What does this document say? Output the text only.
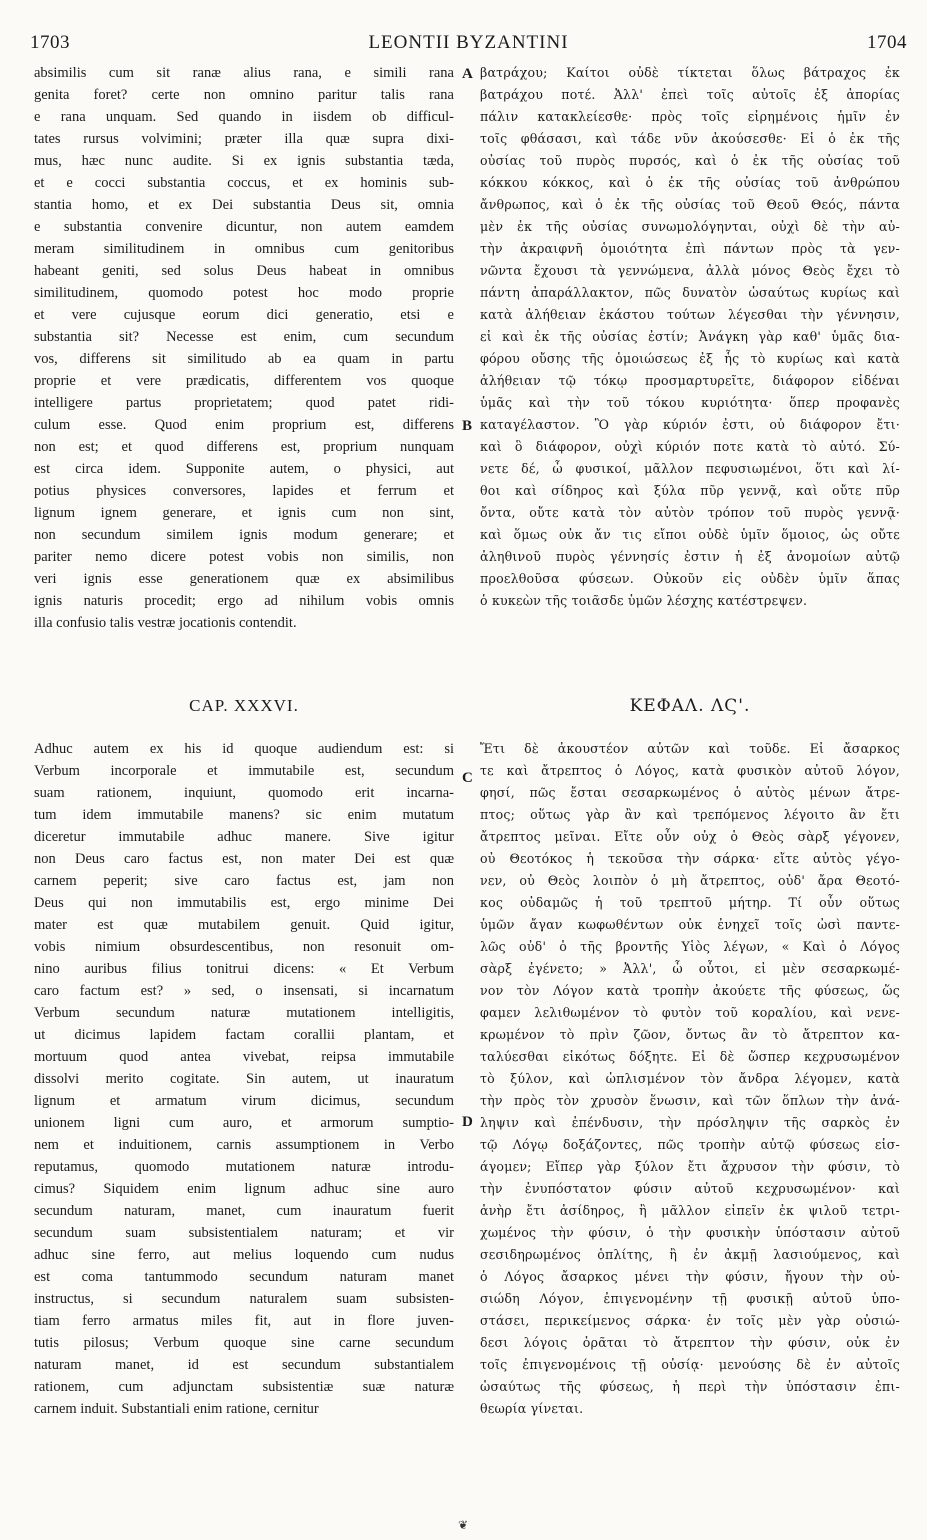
1703	LEONTII BYZANTINI	1704
absimilis cum sit ranæ alius rana, e simili rana
genita foret? certe non omnino paritur talis rana
e rana unquam. Sed quando in iisdem ob difficul-
tates rursus volvimini; præter illa quæ supra dixi-
mus, hæc nunc audite. Si ex ignis substantia tæda,
et e cocci substantia coccus, et ex hominis sub-
stantia homo, et ex Dei substantia Deus sit, omnia
e substantia convenire dicuntur, non autem eamdem
meram similitudinem in omnibus cum genitoribus
habeant geniti, sed solus Deus habeat in omnibus
similitudinem, quomodo potest hoc modo proprie
et vere cujusque eorum dici generatio, etsi e
substantia sit? Necesse est enim, cum secundum
vos, differens sit similitudo ab ea quam in partu
proprie et vere prædicatis, differentem vos quoque
intelligere partus proprietatem; quod patet ridi-
culum esse. Quod enim proprium est, differens
non est; et quod differens est, proprium nunquam
est circa idem. Supponite autem, o physici, aut
potius physices conversores, lapides et ferrum et
lignum ignem generare, et ignis cum non sint,
non secundum similem ignis modum generare; et
pariter nemo dicere potest vobis non similis, non
veri ignis esse generationem quæ ex absimilibus
ignis naturis procedit; ergo ad nihilum vobis omnis
illa confusio talis vestræ jocationis contendit.
βατράχου; Καίτοι οὐδὲ τίκτεται ὅλως βάτραχος ἐκ
βατράχου ποτέ. Ἀλλ' ἐπεὶ τοῖς αὐτοῖς ἐξ ἀπορίας
πάλιν κατακλείεσθε· πρὸς τοῖς εἰρημένοις ἡμῖν ἐν
τοῖς φθάσασι, καὶ τάδε νῦν ἀκούσεσθε· Εἰ ὁ ἐκ τῆς
οὐσίας τοῦ πυρὸς πυρσός, καὶ ὁ ἐκ τῆς οὐσίας τοῦ
κόκκου κόκκος, καὶ ὁ ἐκ τῆς οὐσίας τοῦ ἀνθρώπου
ἄνθρωπος, καὶ ὁ ἐκ τῆς οὐσίας τοῦ Θεοῦ Θεός, πάντα
μὲν ἐκ τῆς οὐσίας συνωμολόγηνται, οὐχὶ δὲ τὴν αὐ-
τὴν ἀκραιφνῆ ὁμοιότητα ἐπὶ πάντων πρὸς τὰ γεν-
νῶντα ἔχουσι τὰ γεννώμενα, ἀλλὰ μόνος Θεὸς ἔχει τὸ
πάντη ἀπαράλλακτον, πῶς δυνατὸν ὡσαύτως κυρίως καὶ
κατὰ ἀλήθειαν ἑκάστου τούτων λέγεσθαι τὴν γέννησιν,
εἰ καὶ ἐκ τῆς οὐσίας ἐστίν; Ἀνάγκη γὰρ καθ' ὑμᾶς δια-
φόρου οὔσης τῆς ὁμοιώσεως ἐξ ἧς τὸ κυρίως καὶ κατὰ
ἀλήθειαν τῷ τόκῳ προσμαρτυρεῖτε, διάφορον εἰδέναι
ὑμᾶς καὶ τὴν τοῦ τόκου κυριότητα· ὅπερ προφανὲς
καταγέλαστον. Ὃ γὰρ κύριόν ἐστι, οὐ διάφορον ἔτι·
καὶ ὃ διάφορον, οὐχὶ κύριόν ποτε κατὰ τὸ αὐτό. Σύ-
νετε δέ, ὦ φυσικοί, μᾶλλον πεφυσιωμένοι, ὅτι καὶ λί-
θοι καὶ σίδηρος καὶ ξύλα πῦρ γεννᾷ, καὶ οὔτε πῦρ
ὄντα, οὔτε κατὰ τὸν αὐτὸν τρόπον τοῦ πυρὸς γεννᾷ·
καὶ ὅμως οὐκ ἄν τις εἴποι οὐδὲ ὑμῖν ὅμοιος, ὡς οὔτε
ἀληθινοῦ πυρὸς γέννησίς ἐστιν ἡ ἐξ ἀνομοίων αὐτῷ
προελθοῦσα φύσεων. Οὐκοῦν εἰς οὐδὲν ὑμῖν ἅπας
ὁ κυκεὼν τῆς τοιᾶσδε ὑμῶν λέσχης κατέστρεψεν.
CAP. XXXVI.	ΚΕΦΑΛ. ΛϚ'.
Adhuc autem ex his id quoque audiendum est: si
Verbum incorporale et immutabile est, secundum
suam rationem, inquiunt, quomodo erit incarna-
tum idem immutabile manens? sic enim mutatum
diceretur immutabile adhuc manere. Sive igitur
non Deus caro factus est, non mater Dei est quæ
carnem peperit; sive caro factus est, jam non
Deus qui non immutabilis est, ergo minime Dei
mater est quæ mutabilem genuit. Quid igitur,
vobis nimium obsurdescentibus, non resonuit om-
nino auribus filius tonitrui dicens: « Et Verbum
caro factum est? » sed, o insensati, si incarnatum
Verbum secundum naturæ mutationem intelligitis,
ut dicimus lapidem factam corallii plantam, et
mortuum quod antea vivebat, reipsa immutabile
dissolvi merito cogitate. Sin autem, ut inauratum
lignum et armatum virum dicimus, secundum
unionem ligni cum auro, et armorum sumptio-
nem et induitionem, carnis assumptionem in Verbo
reputamus, quomodo mutationem naturæ introdu-
cimus? Siquidem enim lignum adhuc sine auro
secundum naturam, manet, cum inauratum fuerit
secundum suam subsistentialem naturam; et vir
adhuc sine ferro, aut melius loquendo cum nudus
est coma tantummodo secundum naturam manet
instructus, si secundum naturalem suam subsisten-
tiam ferro armatus miles fit, aut in flore juven-
tutis pilosus; Verbum quoque sine carne secundum
naturam manet, id est secundum substantialem
rationem, cum adjunctam subsistentiæ suæ naturæ
carnem induit. Substantiali enim ratione, cernitur
Ἔτι δὲ ἀκουστέον αὐτῶν καὶ τοῦδε. Εἰ ἄσαρκος
τε καὶ ἄτρεπτος ὁ Λόγος, κατὰ φυσικὸν αὐτοῦ λόγον,
φησί, πῶς ἔσται σεσαρκωμένος ὁ αὐτὸς μένων ἄτρε-
πτος; οὕτως γὰρ ἂν καὶ τρεπόμενος λέγοιτο ἂν ἔτι
ἄτρεπτος μεῖναι. Εἴτε οὖν οὐχ ὁ Θεὸς σὰρξ γέγονεν,
οὐ Θεοτόκος ἡ τεκοῦσα τὴν σάρκα· εἴτε αὐτὸς γέγο-
νεν, οὐ Θεὸς λοιπὸν ὁ μὴ ἄτρεπτος, οὐδ' ἄρα Θεοτό-
κος οὐδαμῶς ἡ τοῦ τρεπτοῦ μήτηρ. Τί οὖν οὕτως
ὑμῶν ἄγαν κωφωθέντων οὐκ ἐνηχεῖ τοῖς ὠσὶ παντε-
λῶς οὐδ' ὁ τῆς βροντῆς Υἱὸς λέγων, « Καὶ ὁ Λόγος
σὰρξ ἐγένετο; » Ἀλλ', ὦ οὗτοι, εἰ μὲν σεσαρκωμέ-
νον τὸν Λόγον κατὰ τροπὴν ἀκούετε τῆς φύσεως, ὥς
φαμεν λελιθωμένον τὸ φυτὸν τοῦ κοραλίου, καὶ νενε-
κρωμένον τὸ πρὶν ζῶον, ὄντως ἂν τὸ ἄτρεπτον κα-
ταλύεσθαι εἰκότως δόξητε. Εἰ δὲ ὥσπερ κεχρυσωμένον
τὸ ξύλον, καὶ ὡπλισμένον τὸν ἄνδρα λέγομεν, κατὰ
τὴν πρὸς τὸν χρυσὸν ἕνωσιν, καὶ τῶν ὅπλων τὴν ἀνά-
ληψιν καὶ ἐπένδυσιν, τὴν πρόσληψιν τῆς σαρκὸς ἐν
τῷ Λόγῳ δοξάζοντες, πῶς τροπὴν αὐτῷ φύσεως εἰσ-
άγομεν; Εἴπερ γὰρ ξύλον ἔτι ἄχρυσον τὴν φύσιν, τὸ
τὴν ἐνυπόστατον φύσιν αὐτοῦ κεχρυσωμένον· καὶ
ἀνὴρ ἔτι ἀσίδηρος, ἢ μᾶλλον εἰπεῖν ἐκ ψιλοῦ τετρι-
χωμένος τὴν φύσιν, ὁ τὴν φυσικὴν ὑπόστασιν αὐτοῦ
σεσιδηρωμένος ὁπλίτης, ἢ ἐν ἀκμῇ λασιούμενος, καὶ
ὁ Λόγος ἄσαρκος μένει τὴν φύσιν, ἤγουν τὴν οὐ-
σιώδη Λόγον, ἐπιγενομένην τῇ φυσικῇ αὐτοῦ ὑπο-
στάσει, περικείμενος σάρκα· ἐν τοῖς μὲν γὰρ οὐσιώ-
δεσι λόγοις ὁρᾶται τὸ ἄτρεπτον τὴν φύσιν, οὐκ ἐν
τοῖς ἐπιγενομένοις τῇ οὐσίᾳ· μενούσης δὲ ἐν αὐτοῖς
ὡσαύτως τῆς φύσεως, ἡ περὶ τὴν ὑπόστασιν ἐπι-
θεωρία γίνεται.
A
B
C
D
❦
